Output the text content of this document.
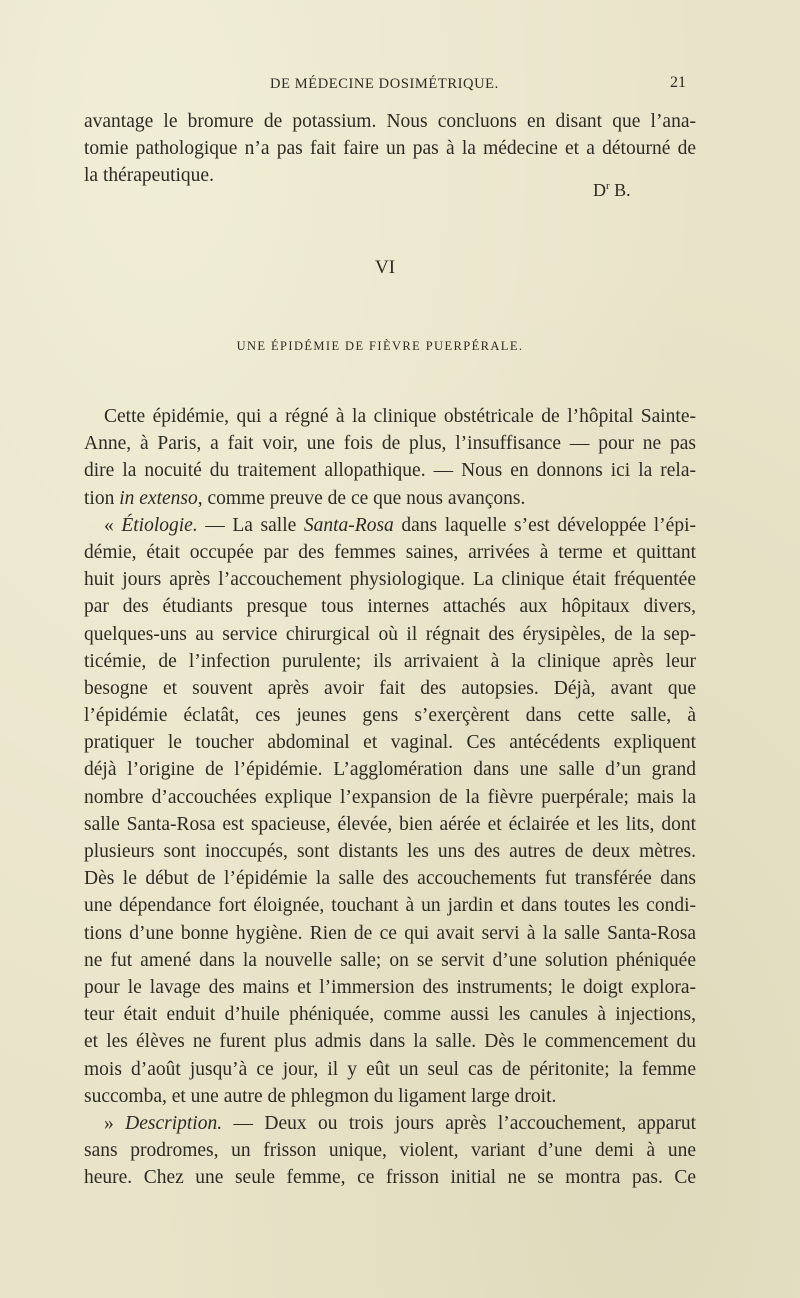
DE MÉDECINE DOSIMÉTRIQUE.	21
avantage le bromure de potassium. Nous concluons en disant que l’ana-
tomie pathologique n’a pas fait faire un pas à la médecine et a détourné de
la thérapeutique.
$D^r$ B.
VI
UNE ÉPIDÉMIE DE FIÈVRE PUERPÉRALE.
Cette épidémie, qui a régné à la clinique obstétricale de l’hôpital Sainte-
Anne, à Paris, a fait voir, une fois de plus, l’insuffisance — pour ne pas
dire la nocuité du traitement allopathique. — Nous en donnons ici la rela-
tion in extenso, comme preuve de ce que nous avançons.
« Étiologie. — La salle Santa-Rosa dans laquelle s’est développée l’épi-
démie, était occupée par des femmes saines, arrivées à terme et quittant
huit jours après l’accouchement physiologique. La clinique était fréquentée
par des étudiants presque tous internes attachés aux hôpitaux divers,
quelques-uns au service chirurgical où il régnait des érysipèles, de la sep-
ticémie, de l’infection purulente; ils arrivaient à la clinique après leur
besogne et souvent après avoir fait des autopsies. Déjà, avant que
l’épidémie éclatât, ces jeunes gens s’exerçèrent dans cette salle, à
pratiquer le toucher abdominal et vaginal. Ces antécédents expliquent
déjà l’origine de l’épidémie. L’agglomération dans une salle d’un grand
nombre d’accouchées explique l’expansion de la fièvre puerpérale; mais la
salle Santa-Rosa est spacieuse, élevée, bien aérée et éclairée et les lits, dont
plusieurs sont inoccupés, sont distants les uns des autres de deux mètres.
Dès le début de l’épidémie la salle des accouchements fut transférée dans
une dépendance fort éloignée, touchant à un jardin et dans toutes les condi-
tions d’une bonne hygiène. Rien de ce qui avait servi à la salle Santa-Rosa
ne fut amené dans la nouvelle salle; on se servit d’une solution phéniquée
pour le lavage des mains et l’immersion des instruments; le doigt explora-
teur était enduit d’huile phéniquée, comme aussi les canules à injections,
et les élèves ne furent plus admis dans la salle. Dès le commencement du
mois d’août jusqu’à ce jour, il y eût un seul cas de péritonite; la femme
succomba, et une autre de phlegmon du ligament large droit.
» Description. — Deux ou trois jours après l’accouchement, apparut
sans prodromes, un frisson unique, violent, variant d’une demi à une
heure. Chez une seule femme, ce frisson initial ne se montra pas. Ce
